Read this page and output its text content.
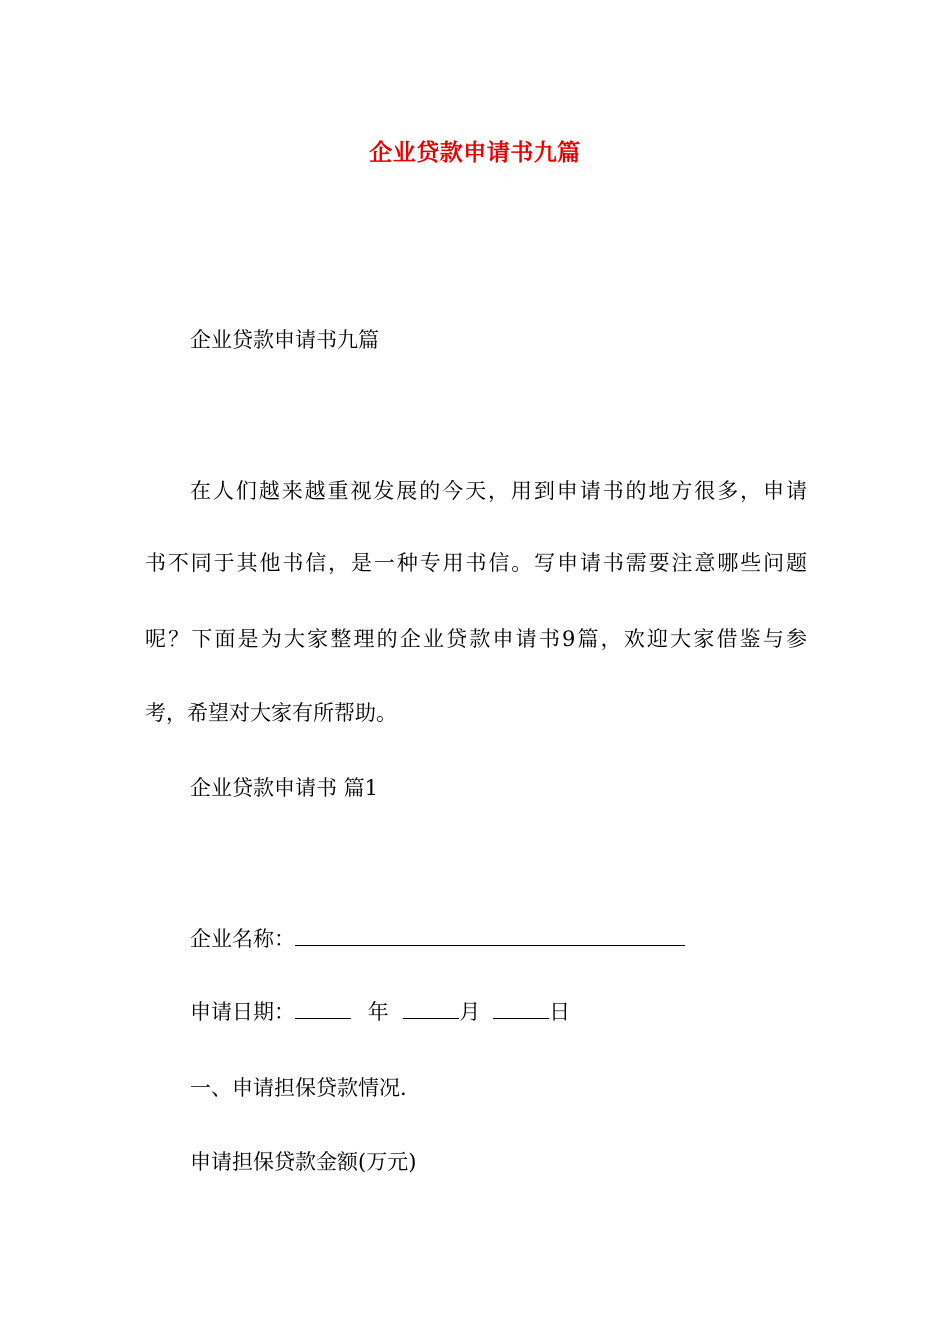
企业贷款申请书九篇
企业贷款申请书九篇
在人们越来越重视发展的今天，用到申请书的地方很多，申请
书不同于其他书信，是一种专用书信。写申请书需要注意哪些问题
呢？下面是为大家整理的企业贷款申请书9篇，欢迎大家借鉴与参
考，希望对大家有所帮助。
企业贷款申请书 篇1
企业名称：
申请日期：	年	月	日
一、申请担保贷款情况.
申请担保贷款金额(万元)
